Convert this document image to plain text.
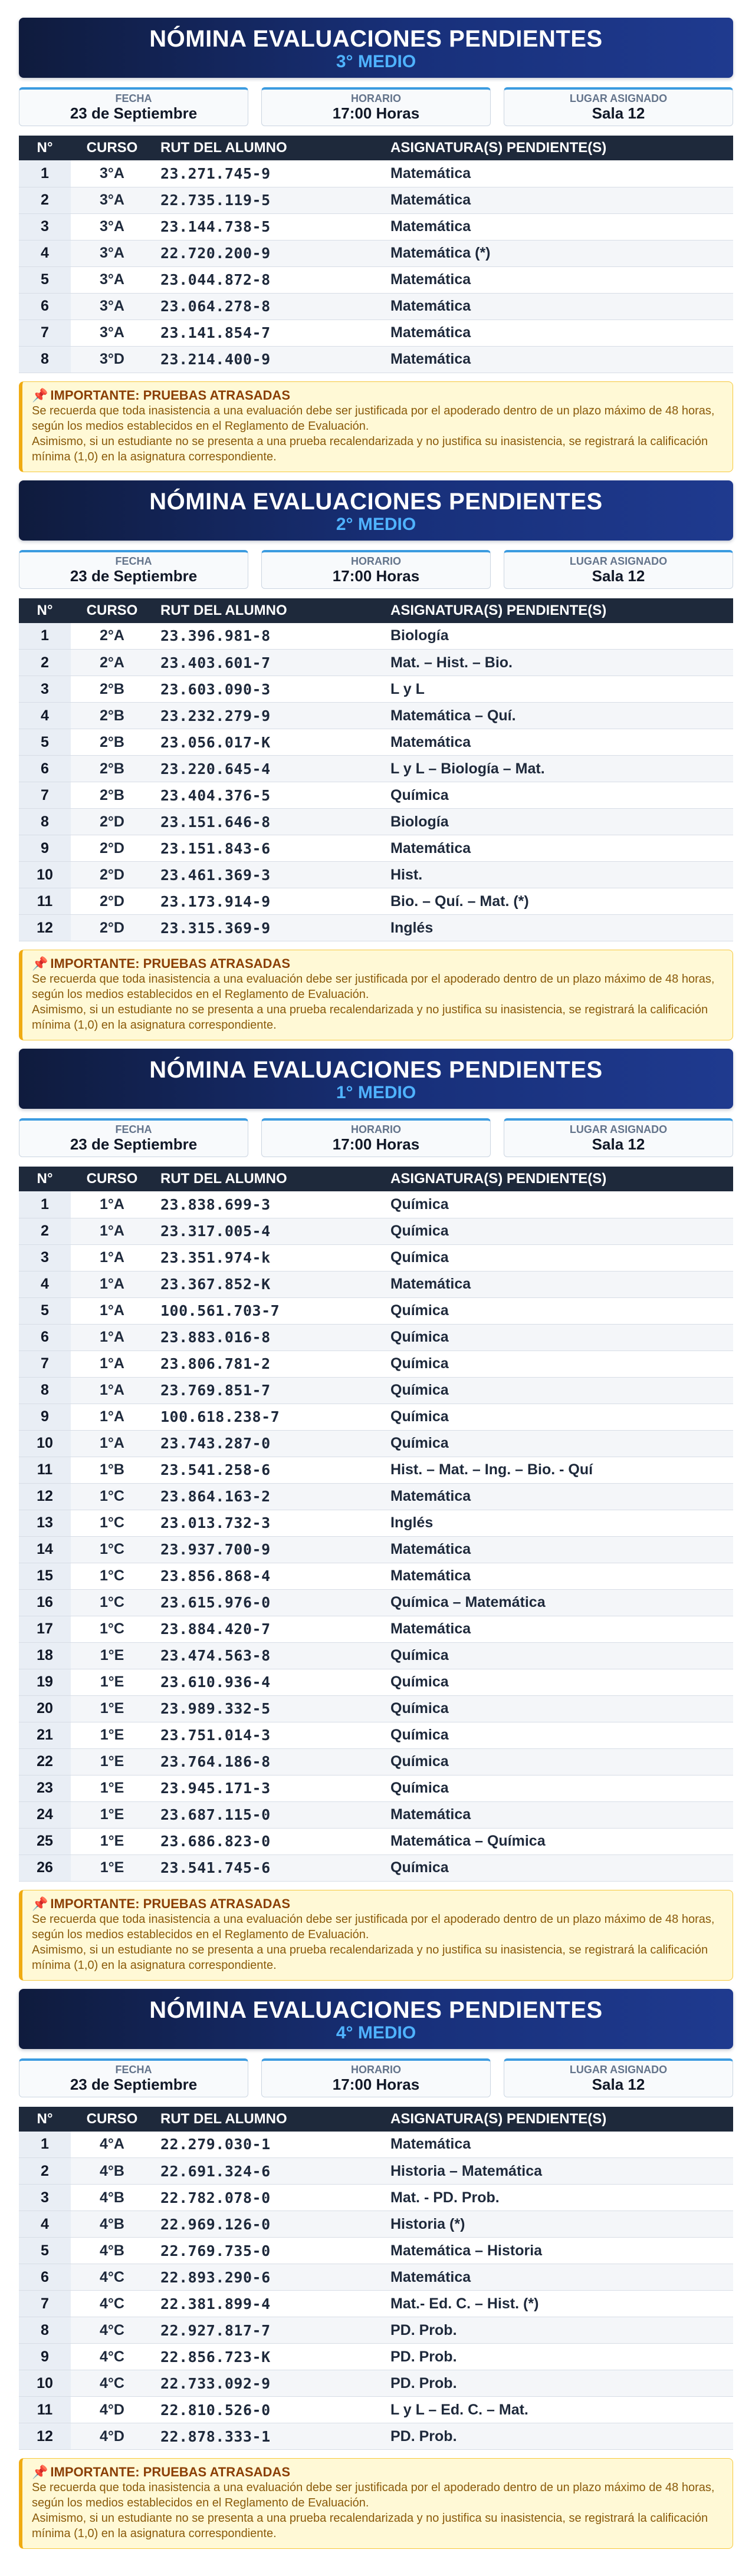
NÓMINA EVALUACIONES PENDIENTES
3° MEDIO
FECHA
23 de Septiembre
HORARIO
17:00 Horas
LUGAR ASIGNADO
Sala 12
N°	CURSO	RUT DEL ALUMNO	ASIGNATURA(S) PENDIENTE(S)
1	3°A	23.271.745-9	Matemática
2	3°A	22.735.119-5	Matemática
3	3°A	23.144.738-5	Matemática
4	3°A	22.720.200-9	Matemática (*)
5	3°A	23.044.872-8	Matemática
6	3°A	23.064.278-8	Matemática
7	3°A	23.141.854-7	Matemática
8	3°D	23.214.400-9	Matemática
📌 IMPORTANTE: PRUEBAS ATRASADAS
Se recuerda que toda inasistencia a una evaluación debe ser justificada por el apoderado dentro de un plazo máximo de 48 horas, según los medios establecidos en el Reglamento de Evaluación.
Asimismo, si un estudiante no se presenta a una prueba recalendarizada y no justifica su inasistencia, se registrará la calificación mínima (1,0) en la asignatura correspondiente.
NÓMINA EVALUACIONES PENDIENTES
2° MEDIO
FECHA
23 de Septiembre
HORARIO
17:00 Horas
LUGAR ASIGNADO
Sala 12
N°	CURSO	RUT DEL ALUMNO	ASIGNATURA(S) PENDIENTE(S)
1	2°A	23.396.981-8	Biología
2	2°A	23.403.601-7	Mat. – Hist. – Bio.
3	2°B	23.603.090-3	L y L
4	2°B	23.232.279-9	Matemática – Quí.
5	2°B	23.056.017-K	Matemática
6	2°B	23.220.645-4	L y L – Biología – Mat.
7	2°B	23.404.376-5	Química
8	2°D	23.151.646-8	Biología
9	2°D	23.151.843-6	Matemática
10	2°D	23.461.369-3	Hist.
11	2°D	23.173.914-9	Bio. – Quí. – Mat. (*)
12	2°D	23.315.369-9	Inglés
📌 IMPORTANTE: PRUEBAS ATRASADAS
Se recuerda que toda inasistencia a una evaluación debe ser justificada por el apoderado dentro de un plazo máximo de 48 horas, según los medios establecidos en el Reglamento de Evaluación.
Asimismo, si un estudiante no se presenta a una prueba recalendarizada y no justifica su inasistencia, se registrará la calificación mínima (1,0) en la asignatura correspondiente.
NÓMINA EVALUACIONES PENDIENTES
1° MEDIO
FECHA
23 de Septiembre
HORARIO
17:00 Horas
LUGAR ASIGNADO
Sala 12
N°	CURSO	RUT DEL ALUMNO	ASIGNATURA(S) PENDIENTE(S)
1	1°A	23.838.699-3	Química
2	1°A	23.317.005-4	Química
3	1°A	23.351.974-k	Química
4	1°A	23.367.852-K	Matemática
5	1°A	100.561.703-7	Química
6	1°A	23.883.016-8	Química
7	1°A	23.806.781-2	Química
8	1°A	23.769.851-7	Química
9	1°A	100.618.238-7	Química
10	1°A	23.743.287-0	Química
11	1°B	23.541.258-6	Hist. – Mat. – Ing. – Bio. - Quí
12	1°C	23.864.163-2	Matemática
13	1°C	23.013.732-3	Inglés
14	1°C	23.937.700-9	Matemática
15	1°C	23.856.868-4	Matemática
16	1°C	23.615.976-0	Química – Matemática
17	1°C	23.884.420-7	Matemática
18	1°E	23.474.563-8	Química
19	1°E	23.610.936-4	Química
20	1°E	23.989.332-5	Química
21	1°E	23.751.014-3	Química
22	1°E	23.764.186-8	Química
23	1°E	23.945.171-3	Química
24	1°E	23.687.115-0	Matemática
25	1°E	23.686.823-0	Matemática – Química
26	1°E	23.541.745-6	Química
📌 IMPORTANTE: PRUEBAS ATRASADAS
Se recuerda que toda inasistencia a una evaluación debe ser justificada por el apoderado dentro de un plazo máximo de 48 horas, según los medios establecidos en el Reglamento de Evaluación.
Asimismo, si un estudiante no se presenta a una prueba recalendarizada y no justifica su inasistencia, se registrará la calificación mínima (1,0) en la asignatura correspondiente.
NÓMINA EVALUACIONES PENDIENTES
4° MEDIO
FECHA
23 de Septiembre
HORARIO
17:00 Horas
LUGAR ASIGNADO
Sala 12
N°	CURSO	RUT DEL ALUMNO	ASIGNATURA(S) PENDIENTE(S)
1	4°A	22.279.030-1	Matemática
2	4°B	22.691.324-6	Historia – Matemática
3	4°B	22.782.078-0	Mat. - PD. Prob.
4	4°B	22.969.126-0	Historia (*)
5	4°B	22.769.735-0	Matemática – Historia
6	4°C	22.893.290-6	Matemática
7	4°C	22.381.899-4	Mat.- Ed. C. – Hist. (*)
8	4°C	22.927.817-7	PD. Prob.
9	4°C	22.856.723-K	PD. Prob.
10	4°C	22.733.092-9	PD. Prob.
11	4°D	22.810.526-0	L y L – Ed. C. – Mat.
12	4°D	22.878.333-1	PD. Prob.
📌 IMPORTANTE: PRUEBAS ATRASADAS
Se recuerda que toda inasistencia a una evaluación debe ser justificada por el apoderado dentro de un plazo máximo de 48 horas, según los medios establecidos en el Reglamento de Evaluación.
Asimismo, si un estudiante no se presenta a una prueba recalendarizada y no justifica su inasistencia, se registrará la calificación mínima (1,0) en la asignatura correspondiente.
